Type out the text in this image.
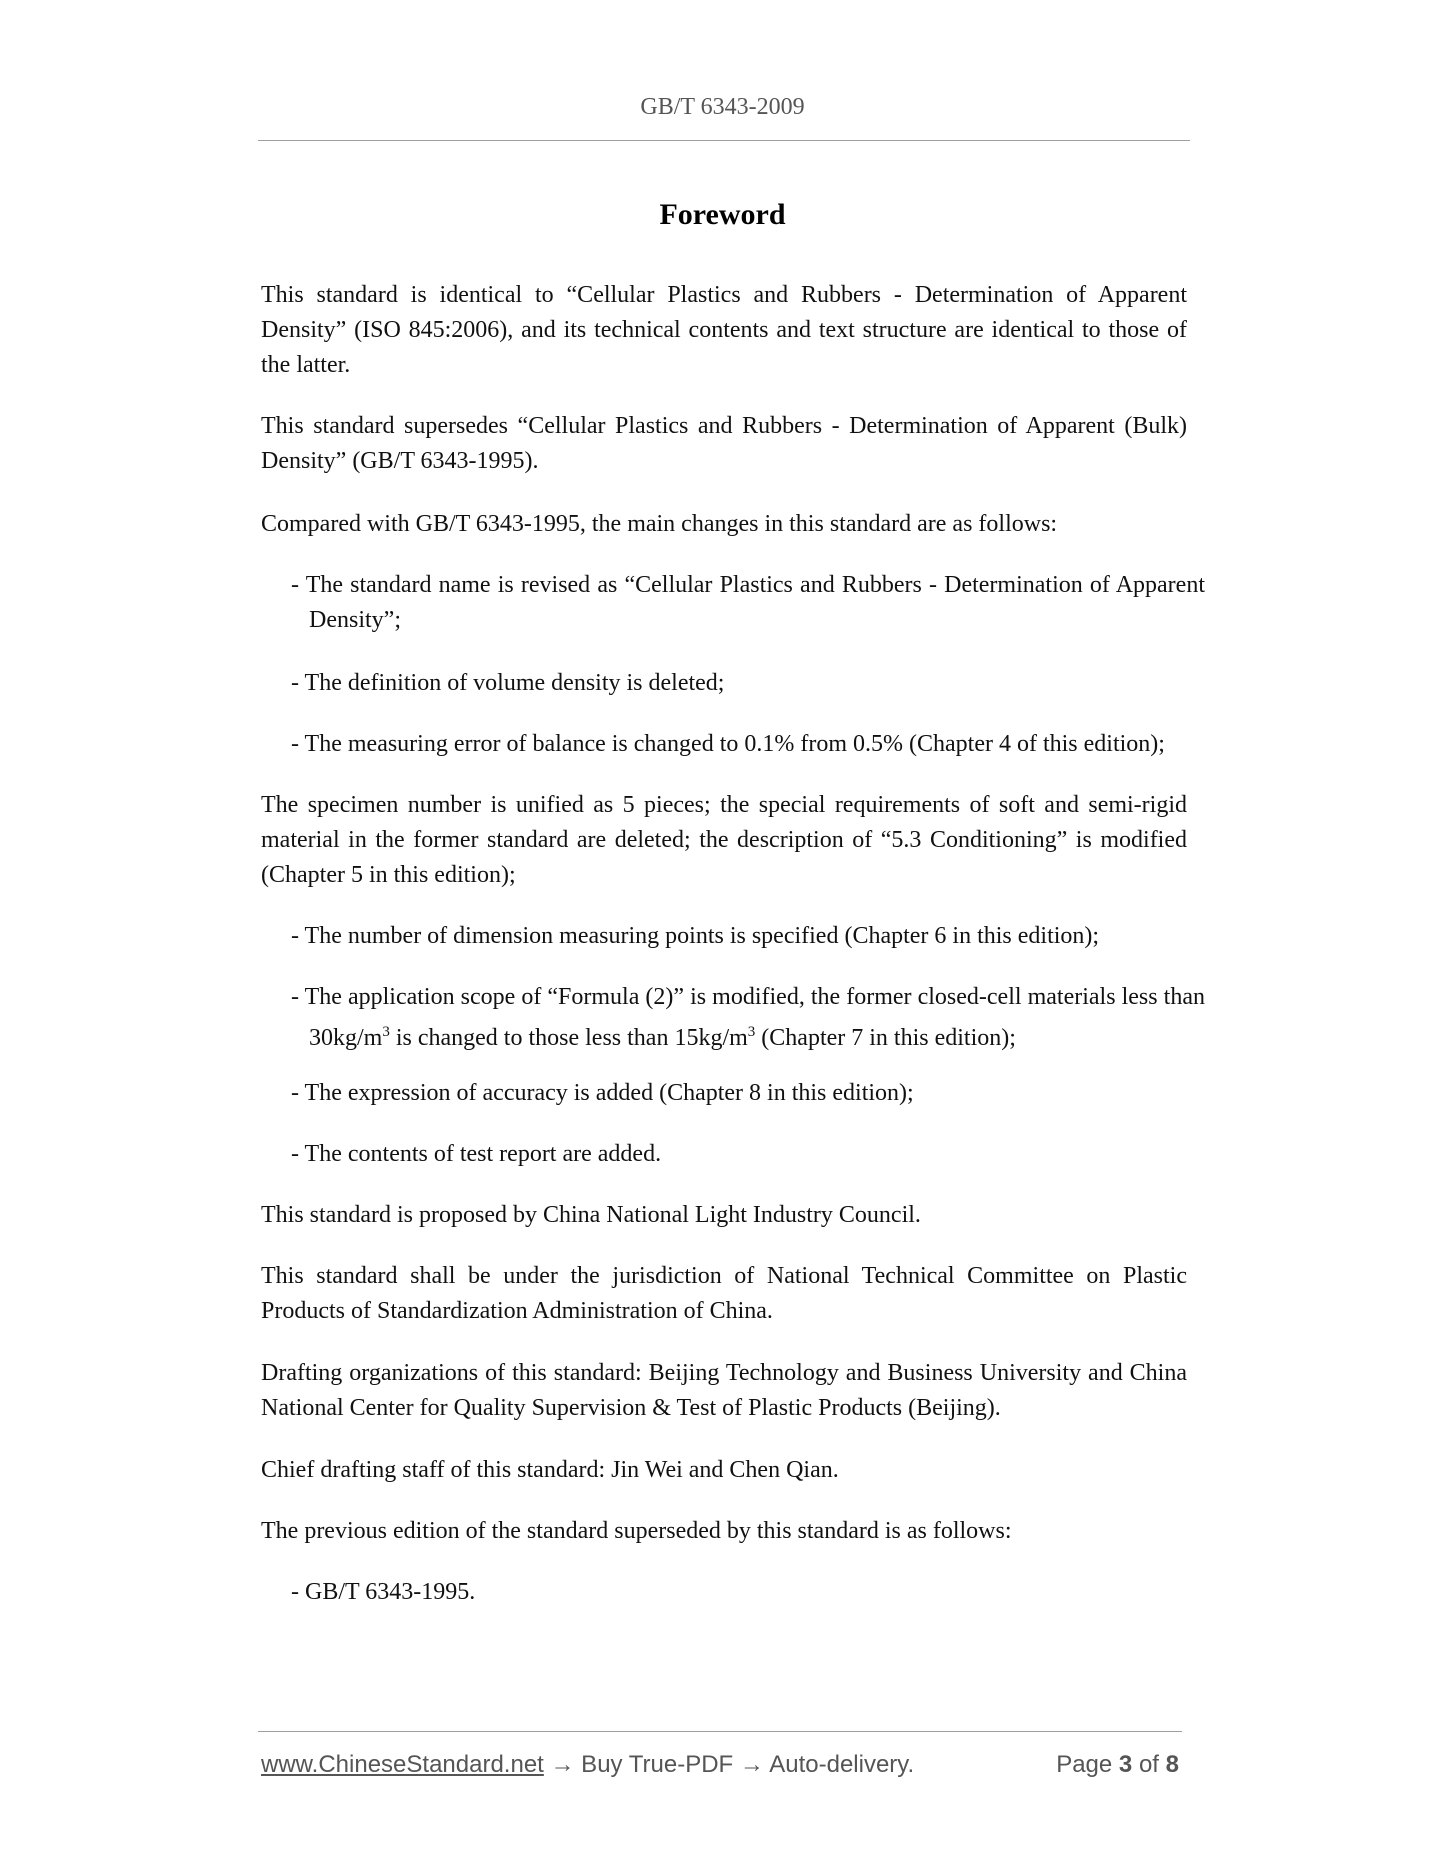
GB/T 6343-2009
Foreword

This standard is identical to “Cellular Plastics and Rubbers - Determination of Apparent Density” (ISO 845:2006), and its technical contents and text structure are identical to those of the latter.

This standard supersedes “Cellular Plastics and Rubbers - Determination of Apparent (Bulk) Density” (GB/T 6343-1995).

Compared with GB/T 6343-1995, the main changes in this standard are as follows:

- The standard name is revised as “Cellular Plastics and Rubbers - Determination of Apparent Density”;

- The definition of volume density is deleted;

- The measuring error of balance is changed to 0.1% from 0.5% (Chapter 4 of this edition);

The specimen number is unified as 5 pieces; the special requirements of soft and semi-rigid material in the former standard are deleted; the description of “5.3 Conditioning” is modified (Chapter 5 in this edition);

- The number of dimension measuring points is specified (Chapter 6 in this edition);

- The application scope of “Formula (2)” is modified, the former closed-cell materials less than $30kg/m^3$ is changed to those less than $15kg/m^3$ (Chapter 7 in this edition);

- The expression of accuracy is added (Chapter 8 in this edition);

- The contents of test report are added.

This standard is proposed by China National Light Industry Council.

This standard shall be under the jurisdiction of National Technical Committee on Plastic Products of Standardization Administration of China.

Drafting organizations of this standard: Beijing Technology and Business University and China National Center for Quality Supervision & Test of Plastic Products (Beijing).

Chief drafting staff of this standard: Jin Wei and Chen Qian.

The previous edition of the standard superseded by this standard is as follows:

- GB/T 6343-1995.

www.ChineseStandard.net → Buy True-PDF → Auto-delivery.	Page 3 of 8
